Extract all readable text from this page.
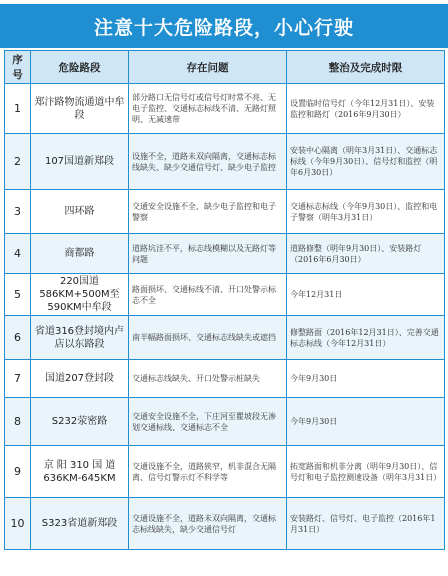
注意十大危险路段，小心行驶
序号	危险路段	存在问题	整治及完成时限
1	郑汴路物流通道中牟段	部分路口无信号灯或信号灯时常不亮、无电子监控、交通标志标线不清、无路灯照明、无减速带	设置临时信号灯（今年12月31日）、安装监控和路灯（2016年9月30日）
2	107国道新郑段	设施不全，道路未双向隔离，交通标志标线缺失、缺少交通信号灯、缺少电子监控	安装中心隔离（明年3月31日）、交通标志标线（今年9月30日）、信号灯和监控（明年6月30日）
3	四环路	交通安全设施不全、缺少电子监控和电子警察	交通标志标线（今年9月30日）、监控和电子警察（明年3月31日）
4	商都路	道路坑洼不平，标志线模糊以及无路灯等问题	道路修整（明年9月30日）、安装路灯（2016年6月30日）
5	220国道586KM+500M至590KM中牟段	路面损坏、交通标线不清、开口处警示标志不全	今年12月31日
6	省道316登封境内卢店以东路段	南半幅路面损坏、交通标志线缺失或遮挡	修整路面（2016年12月31日）、完善交通标志标线（今年12月31日）
7	国道207登封段	交通标志线缺失、开口处警示桩缺失	今年9月30日
8	S232荥密路	交通安全设施不全，下庄河至瞿坡段无渗划交通标线、交通标志不全	今年9月30日
9	京 阳 310 国 道 636KM-645KM	交通设施不全，道路狭窄，机非混合无隔离、信号灯警示灯不科学等	拓宽路面和机非分离（明年9月30日）、信号灯和电子监控测速设备（明年3月31日）
10	S323省道新郑段	交通设施不全，道路未双向隔离，交通标志标线缺失，缺少交通信号灯	安装路灯、信号灯、电子监控（2016年1月31日）
